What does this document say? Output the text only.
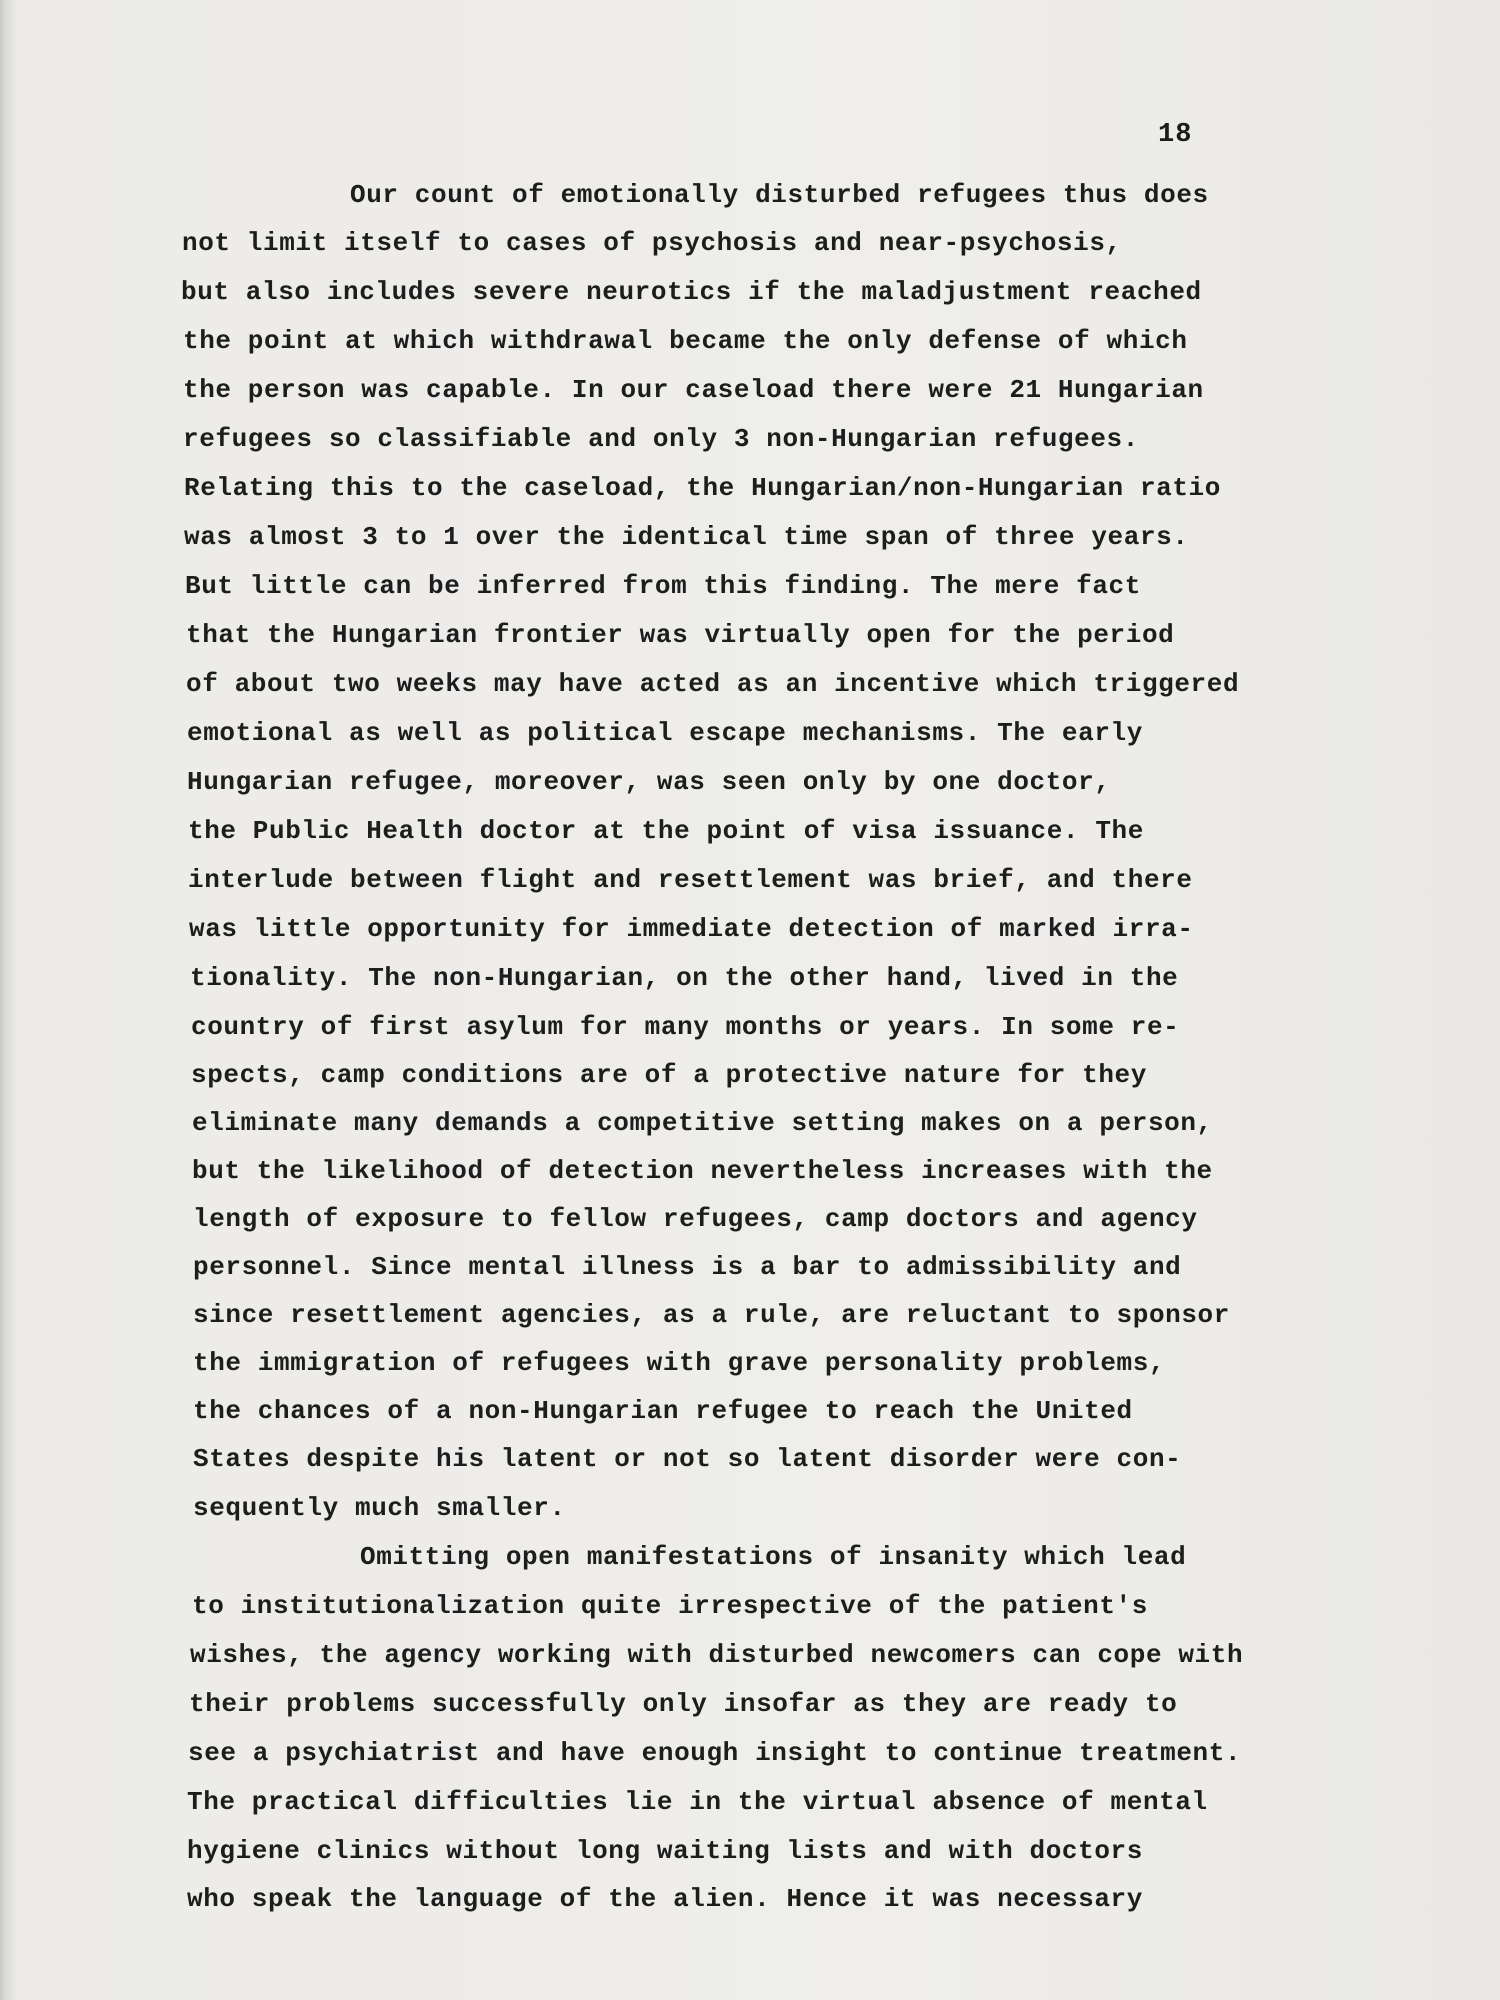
18
Our count of emotionally disturbed refugees thus does
not limit itself to cases of psychosis and near-psychosis,
but also includes severe neurotics if the maladjustment reached
the point at which withdrawal became the only defense of which
the person was capable. In our caseload there were 21 Hungarian
refugees so classifiable and only 3 non-Hungarian refugees.
Relating this to the caseload, the Hungarian/non-Hungarian ratio
was almost 3 to 1 over the identical time span of three years.
But little can be inferred from this finding. The mere fact
that the Hungarian frontier was virtually open for the period
of about two weeks may have acted as an incentive which triggered
emotional as well as political escape mechanisms. The early
Hungarian refugee, moreover, was seen only by one doctor,
the Public Health doctor at the point of visa issuance. The
interlude between flight and resettlement was brief, and there
was little opportunity for immediate detection of marked irra-
tionality. The non-Hungarian, on the other hand, lived in the
country of first asylum for many months or years. In some re-
spects, camp conditions are of a protective nature for they
eliminate many demands a competitive setting makes on a person,
but the likelihood of detection nevertheless increases with the
length of exposure to fellow refugees, camp doctors and agency
personnel. Since mental illness is a bar to admissibility and
since resettlement agencies, as a rule, are reluctant to sponsor
the immigration of refugees with grave personality problems,
the chances of a non-Hungarian refugee to reach the United
States despite his latent or not so latent disorder were con-
sequently much smaller.
Omitting open manifestations of insanity which lead
to institutionalization quite irrespective of the patient's
wishes, the agency working with disturbed newcomers can cope with
their problems successfully only insofar as they are ready to
see a psychiatrist and have enough insight to continue treatment.
The practical difficulties lie in the virtual absence of mental
hygiene clinics without long waiting lists and with doctors
who speak the language of the alien. Hence it was necessary
